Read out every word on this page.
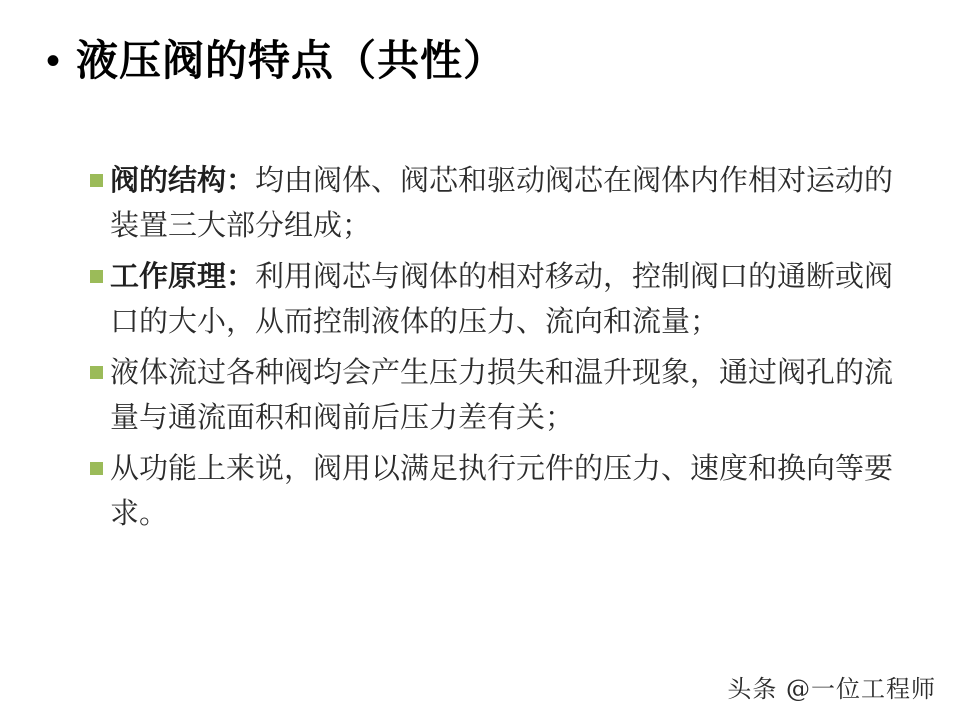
• 液压阀的特点（共性）
阀的结构：均由阀体、阀芯和驱动阀芯在阀体内作相对运动的装置三大部分组成；
工作原理：利用阀芯与阀体的相对移动，控制阀口的通断或阀口的大小，从而控制液体的压力、流向和流量；
液体流过各种阀均会产生压力损失和温升现象，通过阀孔的流量与通流面积和阀前后压力差有关；
从功能上来说，阀用以满足执行元件的压力、速度和换向等要求。
头条 @一位工程师
